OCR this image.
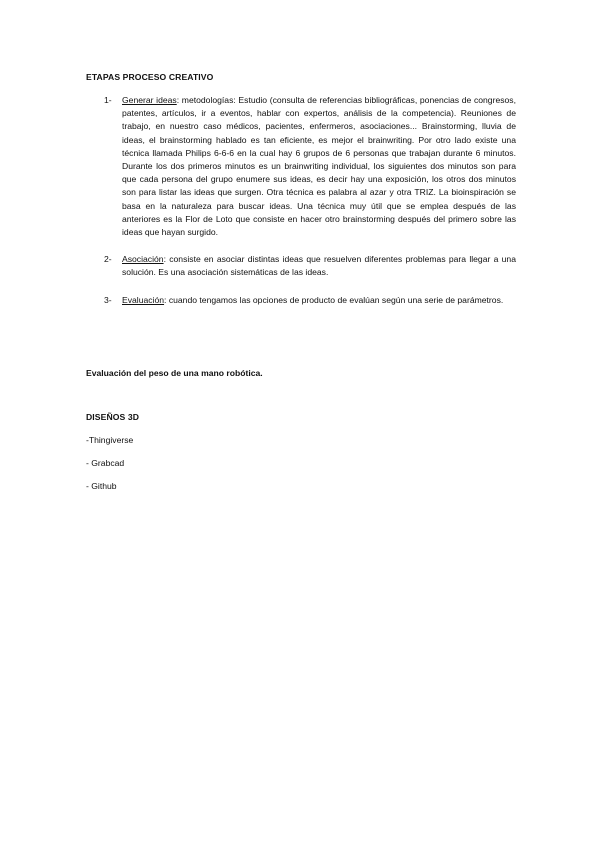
ETAPAS PROCESO CREATIVO
1- Generar ideas: metodologías: Estudio (consulta de referencias bibliográficas, ponencias de congresos, patentes, artículos, ir a eventos, hablar con expertos, análisis de la competencia). Reuniones de trabajo, en nuestro caso médicos, pacientes, enfermeros, asociaciones... Brainstorming, lluvia de ideas, el brainstorming hablado es tan eficiente, es mejor el brainwriting. Por otro lado existe una técnica llamada Philips 6-6-6 en la cual hay 6 grupos de 6 personas que trabajan durante 6 minutos. Durante los dos primeros minutos es un brainwriting individual, los siguientes dos minutos son para que cada persona del grupo enumere sus ideas, es decir hay una exposición, los otros dos minutos son para listar las ideas que surgen. Otra técnica es palabra al azar y otra TRIZ. La bioinspiración se basa en la naturaleza para buscar ideas. Una técnica muy útil que se emplea después de las anteriores es la Flor de Loto que consiste en hacer otro brainstorming después del primero sobre las ideas que hayan surgido.
2- Asociación: consiste en asociar distintas ideas que resuelven diferentes problemas para llegar a una solución. Es una asociación sistemáticas de las ideas.
3- Evaluación: cuando tengamos las opciones de producto de evalúan según una serie de parámetros.
Evaluación del peso de una mano robótica.
DISEÑOS 3D
-Thingiverse
- Grabcad
- Github
